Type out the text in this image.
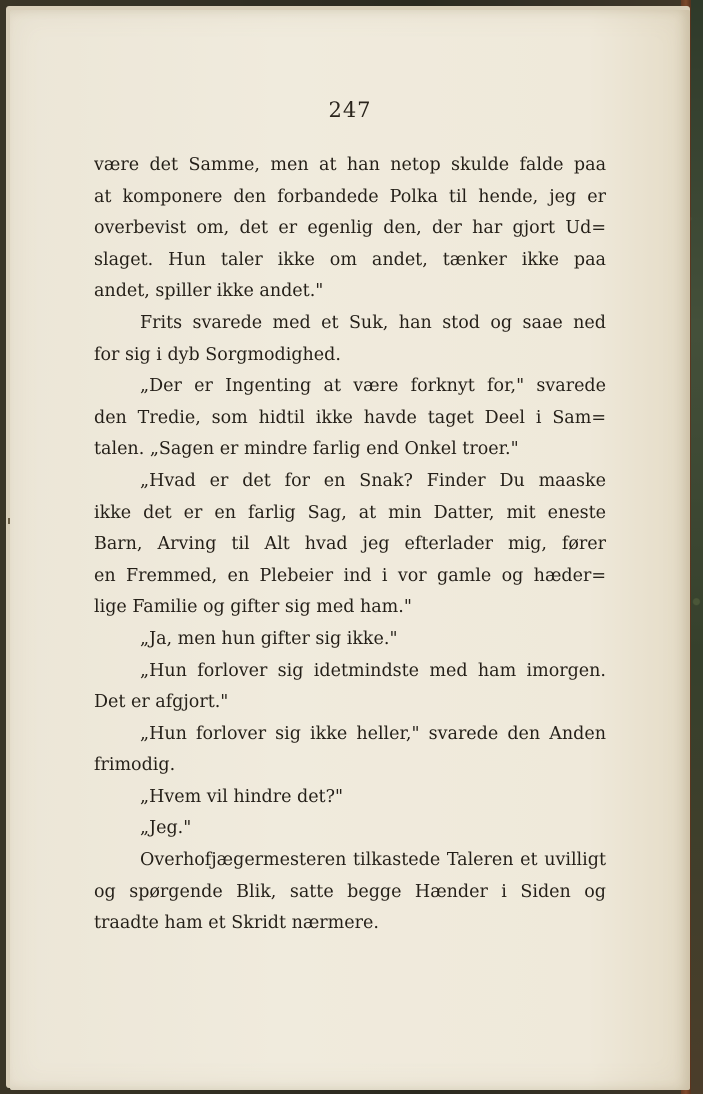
247
være det Samme, men at han netop skulde falde paa
at komponere den forbandede Polka til hende, jeg er
overbevist om, det er egenlig den, der har gjort Ud=
slaget. Hun taler ikke om andet, tænker ikke paa
andet, spiller ikke andet."
Frits svarede med et Suk, han stod og saae ned
for sig i dyb Sorgmodighed.
„Der er Ingenting at være forknyt for," svarede
den Tredie, som hidtil ikke havde taget Deel i Sam=
talen. „Sagen er mindre farlig end Onkel troer."
„Hvad er det for en Snak? Finder Du maaske
ikke det er en farlig Sag, at min Datter, mit eneste
Barn, Arving til Alt hvad jeg efterlader mig, fører
en Fremmed, en Plebeier ind i vor gamle og hæder=
lige Familie og gifter sig med ham."
„Ja, men hun gifter sig ikke."
„Hun forlover sig idetmindste med ham imorgen.
Det er afgjort."
„Hun forlover sig ikke heller," svarede den Anden
frimodig.
„Hvem vil hindre det?"
„Jeg."
Overhofjægermesteren tilkastede Taleren et uvilligt
og spørgende Blik, satte begge Hænder i Siden og
traadte ham et Skridt nærmere.
